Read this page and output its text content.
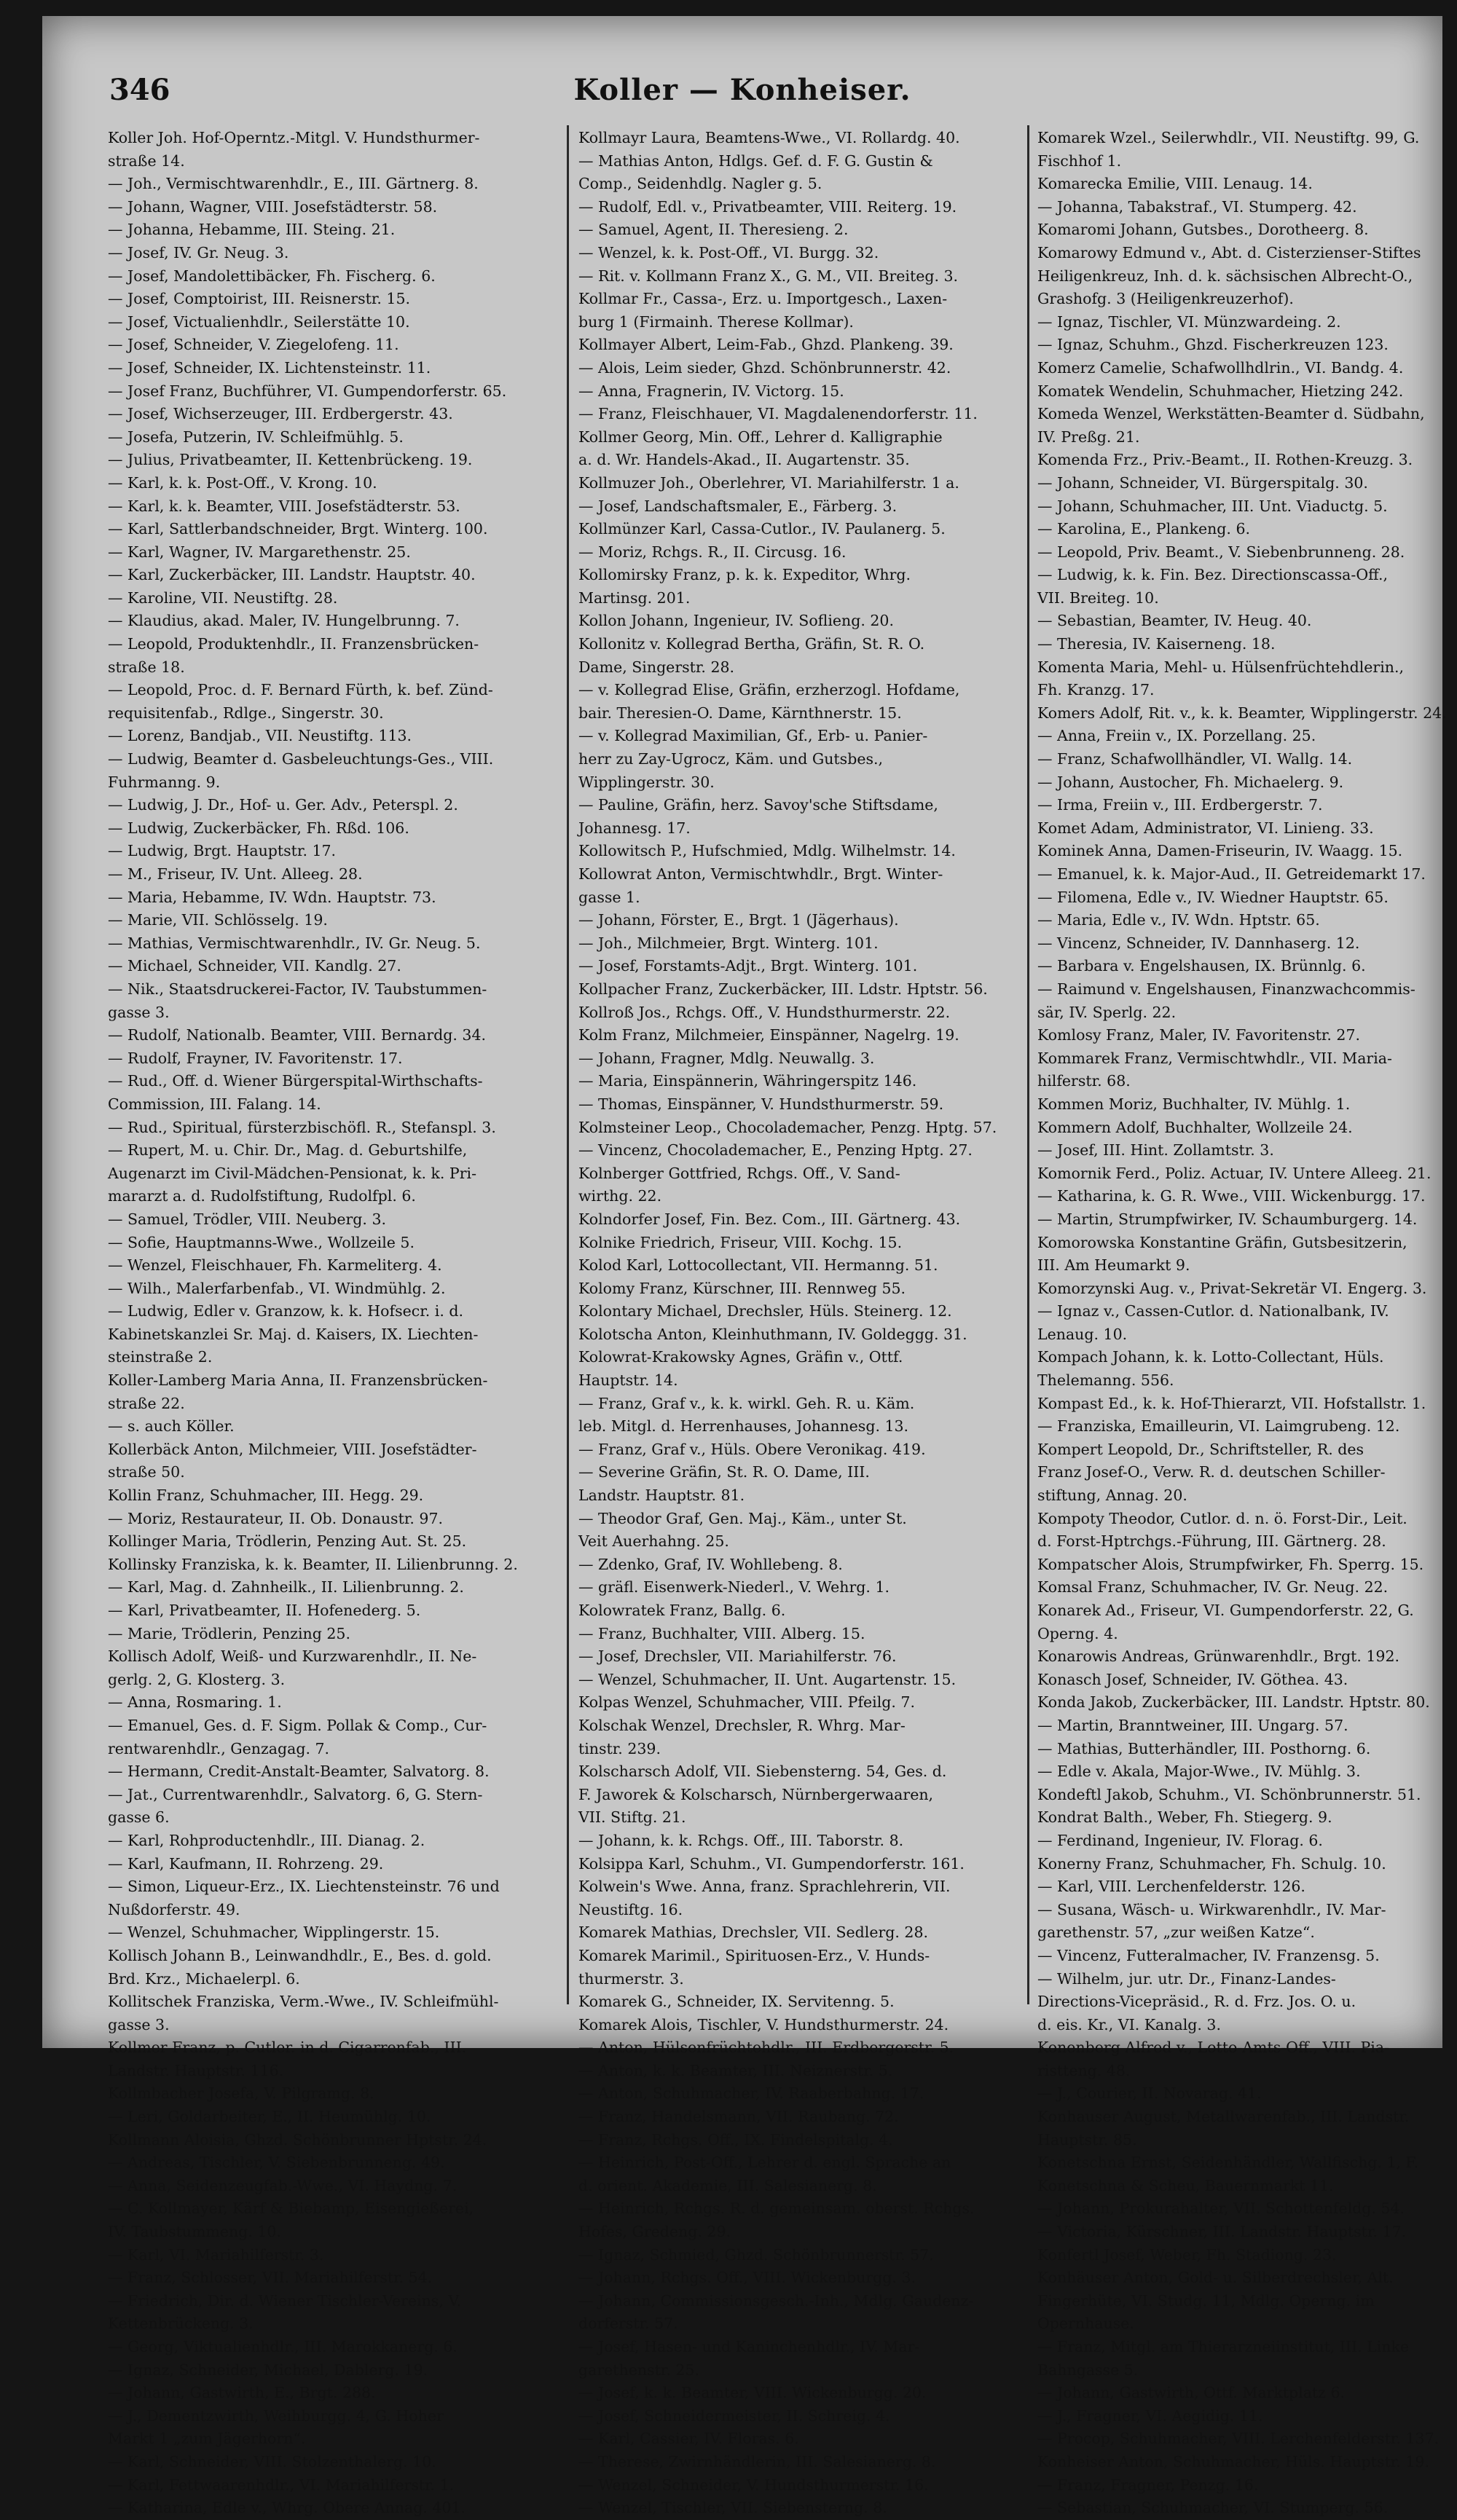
346	Koller — Konheiser.
Koller Joh. Hof-Operntz.-Mitgl. V. Hundsthurmer-
straße 14.
— Joh., Vermischtwarenhdlr., E., III. Gärtnerg. 8.
— Johann, Wagner, VIII. Josefstädterstr. 58.
— Johanna, Hebamme, III. Steing. 21.
— Josef, IV. Gr. Neug. 3.
— Josef, Mandolettibäcker, Fh. Fischerg. 6.
— Josef, Comptoirist, III. Reisnerstr. 15.
— Josef, Victualienhdlr., Seilerstätte 10.
— Josef, Schneider, V. Ziegelofeng. 11.
— Josef, Schneider, IX. Lichtensteinstr. 11.
— Josef Franz, Buchführer, VI. Gumpendorferstr. 65.
— Josef, Wichserzeuger, III. Erdbergerstr. 43.
— Josefa, Putzerin, IV. Schleifmühlg. 5.
— Julius, Privatbeamter, II. Kettenbrückeng. 19.
— Karl, k. k. Post-Off., V. Krong. 10.
— Karl, k. k. Beamter, VIII. Josefstädterstr. 53.
— Karl, Sattlerbandschneider, Brgt. Winterg. 100.
— Karl, Wagner, IV. Margarethenstr. 25.
— Karl, Zuckerbäcker, III. Landstr. Hauptstr. 40.
— Karoline, VII. Neustiftg. 28.
— Klaudius, akad. Maler, IV. Hungelbrunng. 7.
— Leopold, Produktenhdlr., II. Franzensbrücken-
straße 18.
— Leopold, Proc. d. F. Bernard Fürth, k. bef. Zünd-
requisitenfab., Rdlge., Singerstr. 30.
— Lorenz, Bandjab., VII. Neustiftg. 113.
— Ludwig, Beamter d. Gasbeleuchtungs-Ges., VIII.
Fuhrmanng. 9.
— Ludwig, J. Dr., Hof- u. Ger. Adv., Peterspl. 2.
— Ludwig, Zuckerbäcker, Fh. Rßd. 106.
— Ludwig, Brgt. Hauptstr. 17.
— M., Friseur, IV. Unt. Alleeg. 28.
— Maria, Hebamme, IV. Wdn. Hauptstr. 73.
— Marie, VII. Schlösselg. 19.
— Mathias, Vermischtwarenhdlr., IV. Gr. Neug. 5.
— Michael, Schneider, VII. Kandlg. 27.
— Nik., Staatsdruckerei-Factor, IV. Taubstummen-
gasse 3.
— Rudolf, Nationalb. Beamter, VIII. Bernardg. 34.
— Rudolf, Frayner, IV. Favoritenstr. 17.
— Rud., Off. d. Wiener Bürgerspital-Wirthschafts-
Commission, III. Falang. 14.
— Rud., Spiritual, fürsterzbischöfl. R., Stefanspl. 3.
— Rupert, M. u. Chir. Dr., Mag. d. Geburtshilfe,
Augenarzt im Civil-Mädchen-Pensionat, k. k. Pri-
mararzt a. d. Rudolfstiftung, Rudolfpl. 6.
— Samuel, Trödler, VIII. Neuberg. 3.
— Sofie, Hauptmanns-Wwe., Wollzeile 5.
— Wenzel, Fleischhauer, Fh. Karmeliterg. 4.
— Wilh., Malerfarbenfab., VI. Windmühlg. 2.
— Ludwig, Edler v. Granzow, k. k. Hofsecr. i. d.
Kabinetskanzlei Sr. Maj. d. Kaisers, IX. Liechten-
steinstraße 2.
Koller-Lamberg Maria Anna, II. Franzensbrücken-
straße 22.
— s. auch Köller.
Kollerbäck Anton, Milchmeier, VIII. Josefstädter-
straße 50.
Kollin Franz, Schuhmacher, III. Hegg. 29.
— Moriz, Restaurateur, II. Ob. Donaustr. 97.
Kollinger Maria, Trödlerin, Penzing Aut. St. 25.
Kollinsky Franziska, k. k. Beamter, II. Lilienbrunng. 2.
— Karl, Mag. d. Zahnheilk., II. Lilienbrunng. 2.
— Karl, Privatbeamter, II. Hofenederg. 5.
— Marie, Trödlerin, Penzing 25.
Kollisch Adolf, Weiß- und Kurzwarenhdlr., II. Ne-
gerlg. 2, G. Klosterg. 3.
— Anna, Rosmaring. 1.
— Emanuel, Ges. d. F. Sigm. Pollak & Comp., Cur-
rentwarenhdlr., Genzagag. 7.
— Hermann, Credit-Anstalt-Beamter, Salvatorg. 8.
— Jat., Currentwarenhdlr., Salvatorg. 6, G. Stern-
gasse 6.
— Karl, Rohproductenhdlr., III. Dianag. 2.
— Karl, Kaufmann, II. Rohrzeng. 29.
— Simon, Liqueur-Erz., IX. Liechtensteinstr. 76 und
Nußdorferstr. 49.
— Wenzel, Schuhmacher, Wipplingerstr. 15.
Kollisch Johann B., Leinwandhdlr., E., Bes. d. gold.
Brd. Krz., Michaelerpl. 6.
Kollitschek Franziska, Verm.-Wwe., IV. Schleifmühl-
gasse 3.
Kollmer Franz, p. Cutler. in d. Cigarrenfab., III.
Landstr. Hauptstr. 116.
Kollmbacher Josefa, V. Pilgramg. 8.
— Leri, Goldarbeiter, E., II. Heumühlg. 10.
Kollmann Aloisia, Ghzd. Schönbrunner Hptstr. 24.
— Andreas, Tischler, V. Siebenbrunneng. 49.
— Anna, Seidenzeugfab.-Wwe., VI. Haydng. 7.
— C. Kollmayer, Kärf & Biebamp, Eisengießerei,
IV. Taubstummeng. 10.
— Karl, VI. Mariahilferstr. 3.
— Franz, Schlosser, VII. Mariahilferstr. 54.
— Friedrich, Dir. d. Wiener Tischler-Vereins, V.
Kettenbrückeng. 3.
— Georg, Viktualienhdlr., III. Marokkanerg. 6.
— Ignaz, Schneider, Michael, Dablerg. 19.
— Johann, Gastwirth, E., Brgt. 288.
— J., Dementzwirth, Weihburgg. 4, G. Hoher
Markt 1 „zum Jägerhorn“.
— Karl, Schneider, VIII. Stolzenthalerg. 10.
— Karl, Fettwaarenhdlr., VI. Mariahilferstr. 1.
— Katharina, Edle v., Whrg. Obere Annag. 401.
Kollmayr Laura, Beamtens-Wwe., VI. Rollardg. 40.
— Mathias Anton, Hdlgs. Gef. d. F. G. Gustin &
Comp., Seidenhdlg. Nagler g. 5.
— Rudolf, Edl. v., Privatbeamter, VIII. Reiterg. 19.
— Samuel, Agent, II. Theresieng. 2.
— Wenzel, k. k. Post-Off., VI. Burgg. 32.
— Rit. v. Kollmann Franz X., G. M., VII. Breiteg. 3.
Kollmar Fr., Cassa-, Erz. u. Importgesch., Laxen-
burg 1 (Firmainh. Therese Kollmar).
Kollmayer Albert, Leim-Fab., Ghzd. Plankeng. 39.
— Alois, Leim sieder, Ghzd. Schönbrunnerstr. 42.
— Anna, Fragnerin, IV. Victorg. 15.
— Franz, Fleischhauer, VI. Magdalenendorferstr. 11.
Kollmer Georg, Min. Off., Lehrer d. Kalligraphie
a. d. Wr. Handels-Akad., II. Augartenstr. 35.
Kollmuzer Joh., Oberlehrer, VI. Mariahilferstr. 1 a.
— Josef, Landschaftsmaler, E., Färberg. 3.
Kollmünzer Karl, Cassa-Cutlor., IV. Paulanerg. 5.
— Moriz, Rchgs. R., II. Circusg. 16.
Kollomirsky Franz, p. k. k. Expeditor, Whrg.
Martinsg. 201.
Kollon Johann, Ingenieur, IV. Soflieng. 20.
Kollonitz v. Kollegrad Bertha, Gräfin, St. R. O.
Dame, Singerstr. 28.
— v. Kollegrad Elise, Gräfin, erzherzogl. Hofdame,
bair. Theresien-O. Dame, Kärnthnerstr. 15.
— v. Kollegrad Maximilian, Gf., Erb- u. Panier-
herr zu Zay-Ugrocz, Käm. und Gutsbes.,
Wipplingerstr. 30.
— Pauline, Gräfin, herz. Savoy'sche Stiftsdame,
Johannesg. 17.
Kollowitsch P., Hufschmied, Mdlg. Wilhelmstr. 14.
Kollowrat Anton, Vermischtwhdlr., Brgt. Winter-
gasse 1.
— Johann, Förster, E., Brgt. 1 (Jägerhaus).
— Joh., Milchmeier, Brgt. Winterg. 101.
— Josef, Forstamts-Adjt., Brgt. Winterg. 101.
Kollpacher Franz, Zuckerbäcker, III. Ldstr. Hptstr. 56.
Kollroß Jos., Rchgs. Off., V. Hundsthurmerstr. 22.
Kolm Franz, Milchmeier, Einspänner, Nagelrg. 19.
— Johann, Fragner, Mdlg. Neuwallg. 3.
— Maria, Einspännerin, Währingerspitz 146.
— Thomas, Einspänner, V. Hundsthurmerstr. 59.
Kolmsteiner Leop., Chocolademacher, Penzg. Hptg. 57.
— Vincenz, Chocolademacher, E., Penzing Hptg. 27.
Kolnberger Gottfried, Rchgs. Off., V. Sand-
wirthg. 22.
Kolndorfer Josef, Fin. Bez. Com., III. Gärtnerg. 43.
Kolnike Friedrich, Friseur, VIII. Kochg. 15.
Kolod Karl, Lottocollectant, VII. Hermanng. 51.
Kolomy Franz, Kürschner, III. Rennweg 55.
Kolontary Michael, Drechsler, Hüls. Steinerg. 12.
Kolotscha Anton, Kleinhuthmann, IV. Goldeggg. 31.
Kolowrat-Krakowsky Agnes, Gräfin v., Ottf.
Hauptstr. 14.
— Franz, Graf v., k. k. wirkl. Geh. R. u. Käm.
leb. Mitgl. d. Herrenhauses, Johannesg. 13.
— Franz, Graf v., Hüls. Obere Veronikag. 419.
— Severine Gräfin, St. R. O. Dame, III.
Landstr. Hauptstr. 81.
— Theodor Graf, Gen. Maj., Käm., unter St.
Veit Auerhahng. 25.
— Zdenko, Graf, IV. Wohllebeng. 8.
— gräfl. Eisenwerk-Niederl., V. Wehrg. 1.
Kolowratek Franz, Ballg. 6.
— Franz, Buchhalter, VIII. Alberg. 15.
— Josef, Drechsler, VII. Mariahilferstr. 76.
— Wenzel, Schuhmacher, II. Unt. Augartenstr. 15.
Kolpas Wenzel, Schuhmacher, VIII. Pfeilg. 7.
Kolschak Wenzel, Drechsler, R. Whrg. Mar-
tinstr. 239.
Kolscharsch Adolf, VII. Siebensterng. 54, Ges. d.
F. Jaworek & Kolscharsch, Nürnbergerwaaren,
VII. Stiftg. 21.
— Johann, k. k. Rchgs. Off., III. Taborstr. 8.
Kolsippa Karl, Schuhm., VI. Gumpendorferstr. 161.
Kolwein's Wwe. Anna, franz. Sprachlehrerin, VII.
Neustiftg. 16.
Komarek Mathias, Drechsler, VII. Sedlerg. 28.
Komarek Marimil., Spirituosen-Erz., V. Hunds-
thurmerstr. 3.
Komarek G., Schneider, IX. Servitenng. 5.
Komarek Alois, Tischler, V. Hundsthurmerstr. 24.
— Anton, Hülsenfrüchtehdlr., III. Erdbergerstr. 5.
— Anton, k. k. Beamter, III. Neiznerstr. 5.
— Anton, Schuhmacher, IV. Raaberbahng. 17.
— Franz, Handelsmann, VII. Raubang. 72.
— Franz, Rchgs. Off., IX. Findelspitalg. 4.
— Heinrich, Post-Off., Lehrer d. engl. Sprache an
d. orient. Akademie, III. Salesianerg. 8.
— Heinrich, Rchgs. R. d. gemeinsam. oberst. Rchgs.
Hofes, Gredeng. 29.
— Ignaz, Schmied, Ghzd. Schönbrunnerstr. 57.
— Johann, Rchgs. Off., VIII. Wickenburgg. 3.
— Johann, Commissionsgesch.-Inh., Mdlg. Gaudenz-
dorferstr. 57.
— Josef, Hasen- und Kaninchenhdlr., IV. Mar-
garethenstr. 25.
— Josef, k. k. Beamter, VIII. Wickenburgg. 20.
— Josef, Schneidermeister, II. Schreig. 4.
— Karl, Cassier, IV. Floras. 6.
— Therese, Zwirnhändlerin, III. Salesianerg. 8.
— Wenzel, Schneider, V. Hundsthurmerstr. 16.
— Wenzel, Tischler, VII. Siebensterng. 8.
Komarek Wzel., Seilerwhdlr., VII. Neustiftg. 99, G.
Fischhof 1.
Komarecka Emilie, VIII. Lenaug. 14.
— Johanna, Tabakstraf., VI. Stumperg. 42.
Komaromi Johann, Gutsbes., Dorotheerg. 8.
Komarowy Edmund v., Abt. d. Cisterzienser-Stiftes
Heiligenkreuz, Inh. d. k. sächsischen Albrecht-O.,
Grashofg. 3 (Heiligenkreuzerhof).
— Ignaz, Tischler, VI. Münzwardeing. 2.
— Ignaz, Schuhm., Ghzd. Fischerkreuzen 123.
Komerz Camelie, Schafwollhdlrin., VI. Bandg. 4.
Komatek Wendelin, Schuhmacher, Hietzing 242.
Komeda Wenzel, Werkstätten-Beamter d. Südbahn,
IV. Preßg. 21.
Komenda Frz., Priv.-Beamt., II. Rothen-Kreuzg. 3.
— Johann, Schneider, VI. Bürgerspitalg. 30.
— Johann, Schuhmacher, III. Unt. Viaductg. 5.
— Karolina, E., Plankeng. 6.
— Leopold, Priv. Beamt., V. Siebenbrunneng. 28.
— Ludwig, k. k. Fin. Bez. Directionscassa-Off.,
VII. Breiteg. 10.
— Sebastian, Beamter, IV. Heug. 40.
— Theresia, IV. Kaiserneng. 18.
Komenta Maria, Mehl- u. Hülsenfrüchtehdlerin.,
Fh. Kranzg. 17.
Komers Adolf, Rit. v., k. k. Beamter, Wipplingerstr. 24.
— Anna, Freiin v., IX. Porzellang. 25.
— Franz, Schafwollhändler, VI. Wallg. 14.
— Johann, Austocher, Fh. Michaelerg. 9.
— Irma, Freiin v., III. Erdbergerstr. 7.
Komet Adam, Administrator, VI. Linieng. 33.
Kominek Anna, Damen-Friseurin, IV. Waagg. 15.
— Emanuel, k. k. Major-Aud., II. Getreidemarkt 17.
— Filomena, Edle v., IV. Wiedner Hauptstr. 65.
— Maria, Edle v., IV. Wdn. Hptstr. 65.
— Vincenz, Schneider, IV. Dannhaserg. 12.
— Barbara v. Engelshausen, IX. Brünnlg. 6.
— Raimund v. Engelshausen, Finanzwachcommis-
sär, IV. Sperlg. 22.
Komlosy Franz, Maler, IV. Favoritenstr. 27.
Kommarek Franz, Vermischtwhdlr., VII. Maria-
hilferstr. 68.
Kommen Moriz, Buchhalter, IV. Mühlg. 1.
Kommern Adolf, Buchhalter, Wollzeile 24.
— Josef, III. Hint. Zollamtstr. 3.
Komornik Ferd., Poliz. Actuar, IV. Untere Alleeg. 21.
— Katharina, k. G. R. Wwe., VIII. Wickenburgg. 17.
— Martin, Strumpfwirker, IV. Schaumburgerg. 14.
Komorowska Konstantine Gräfin, Gutsbesitzerin,
III. Am Heumarkt 9.
Komorzynski Aug. v., Privat-Sekretär VI. Engerg. 3.
— Ignaz v., Cassen-Cutlor. d. Nationalbank, IV.
Lenaug. 10.
Kompach Johann, k. k. Lotto-Collectant, Hüls.
Thelemanng. 556.
Kompast Ed., k. k. Hof-Thierarzt, VII. Hofstallstr. 1.
— Franziska, Emailleurin, VI. Laimgrubeng. 12.
Kompert Leopold, Dr., Schriftsteller, R. des
Franz Josef-O., Verw. R. d. deutschen Schiller-
stiftung, Annag. 20.
Kompoty Theodor, Cutlor. d. n. ö. Forst-Dir., Leit.
d. Forst-Hptrchgs.-Führung, III. Gärtnerg. 28.
Kompatscher Alois, Strumpfwirker, Fh. Sperrg. 15.
Komsal Franz, Schuhmacher, IV. Gr. Neug. 22.
Konarek Ad., Friseur, VI. Gumpendorferstr. 22, G.
Operng. 4.
Konarowis Andreas, Grünwarenhdlr., Brgt. 192.
Konasch Josef, Schneider, IV. Göthea. 43.
Konda Jakob, Zuckerbäcker, III. Landstr. Hptstr. 80.
— Martin, Branntweiner, III. Ungarg. 57.
— Mathias, Butterhändler, III. Posthorng. 6.
— Edle v. Akala, Major-Wwe., IV. Mühlg. 3.
Kondeftl Jakob, Schuhm., VI. Schönbrunnerstr. 51.
Kondrat Balth., Weber, Fh. Stiegerg. 9.
— Ferdinand, Ingenieur, IV. Florag. 6.
Konerny Franz, Schuhmacher, Fh. Schulg. 10.
— Karl, VIII. Lerchenfelderstr. 126.
— Susana, Wäsch- u. Wirkwarenhdlr., IV. Mar-
garethenstr. 57, „zur weißen Katze“.
— Vincenz, Futteralmacher, IV. Franzensg. 5.
— Wilhelm, jur. utr. Dr., Finanz-Landes-
Directions-Vicepräsid., R. d. Frz. Jos. O. u.
d. eis. Kr., VI. Kanalg. 3.
Konenberg Alfred v., Lotto-Amts-Off., VIII. Pia-
ristteng. 48.
— J., Courier, II. Novarag. 41.
Konhauser August, Metallwarenfab., III. Landstr.
Hauptstr. 85.
Konetschna Ernst, Seidenhändler, Wallfischg. 1, F.
Konetschna & Scheu, Bauernmarkt 11.
— Johann, Prokurahalter, VII. Schottenfeldg. 54.
— Victoria, Kürschner, III. Landstr. Hauptstr. 17.
Konfertl Josef, Weber, Fh. Stadiong. 23.
Konhäuser Anton, Gold- u. Silberdrechsler, Alt.
Fingerhüte, VI. Studg. 11, Mdlg. Operng. im
Opernhause.
— Franz, Mitgl. am Thierarzneiinstitut, III. Linke
Bahngasse 5.
— Johann, Gastwirth, Ottf. Marktplatz 6.
— J., Fragner, VI. Aegidig. 11.
— Procop, Schuhmacher, VIII. Lerchenfelderstr. 137.
Konheiser Anton, Schuhmacher, Hüls. Hauptstr. 19.
— Franz, Fragner, Penzg. 16.
— Sebastian, Schuhmacher, VI. Stumperg. 56.
